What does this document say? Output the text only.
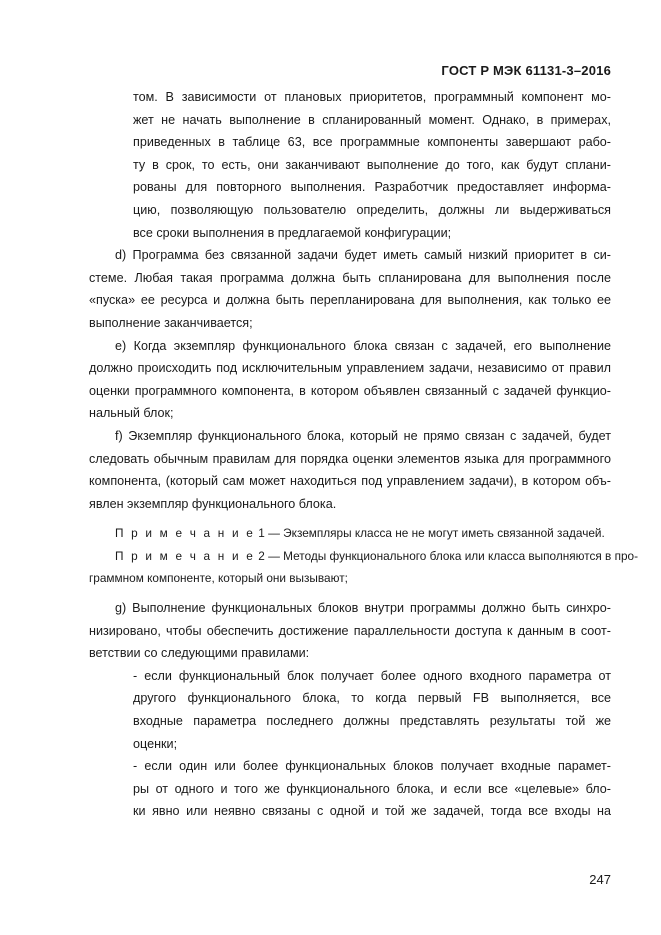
ГОСТ Р МЭК 61131-3–2016
том. В зависимости от плановых приоритетов, программный компонент мо-
жет не начать выполнение в спланированный момент. Однако, в примерах,
приведенных в таблице 63, все программные компоненты завершают рабо-
ту в срок, то есть, они заканчивают выполнение до того, как будут сплани-
рованы для повторного выполнения. Разработчик предоставляет информа-
цию, позволяющую пользователю определить, должны ли выдерживаться
все сроки выполнения в предлагаемой конфигурации;
d) Программа без связанной задачи будет иметь самый низкий приоритет в си-
стеме. Любая такая программа должна быть спланирована для выполнения после
«пуска» ее ресурса и должна быть перепланирована для выполнения, как только ее
выполнение заканчивается;
е) Когда экземпляр функционального блока связан с задачей, его выполнение
должно происходить под исключительным управлением задачи, независимо от правил
оценки программного компонента, в котором объявлен связанный с задачей функцио-
нальный блок;
f) Экземпляр функционального блока, который не прямо связан с задачей, будет
следовать обычным правилам для порядка оценки элементов языка для программного
компонента, (который сам может находиться под управлением задачи), в котором объ-
явлен экземпляр функционального блока.
П р и м е ч а н и е 1 — Экземпляры класса не не могут иметь связанной задачей.
П р и м е ч а н и е 2 — Методы функционального блока или класса выполняются в про-
граммном компоненте, который они вызывают;
g) Выполнение функциональных блоков внутри программы должно быть синхро-
низировано, чтобы обеспечить достижение параллельности доступа к данным в соот-
ветствии со следующими правилами:
- если функциональный блок получает более одного входного параметра от
другого функционального блока, то когда первый FB выполняется, все
входные параметра последнего должны представлять результаты той же
оценки;
- если один или более функциональных блоков получает входные парамет-
ры от одного и того же функционального блока, и если все «целевые» бло-
ки явно или неявно связаны с одной и той же задачей, тогда все входы на
247
